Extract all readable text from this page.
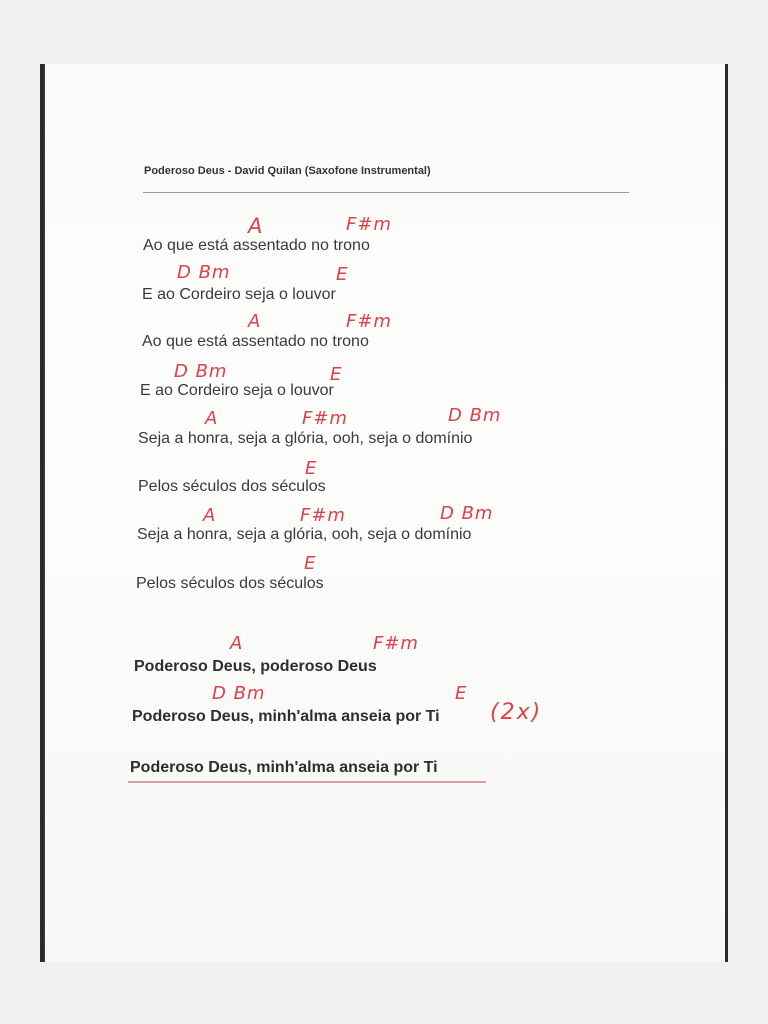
Poderoso Deus - David Quilan (Saxofone Instrumental)
A	F#m
Ao que está assentado no trono
D Bm	E
E ao Cordeiro seja o louvor
A	F#m
Ao que está assentado no trono
D Bm	E
E ao Cordeiro seja o louvor
A	F#m	D Bm
Seja a honra, seja a glória, ooh, seja o domínio
E
Pelos séculos dos séculos
A	F#m	D Bm
Seja a honra, seja a glória, ooh, seja o domínio
E
Pelos séculos dos séculos
A	F#m
Poderoso Deus, poderoso Deus
D Bm	E
Poderoso Deus, minh'alma anseia por Ti (2x)
Poderoso Deus, minh'alma anseia por Ti
